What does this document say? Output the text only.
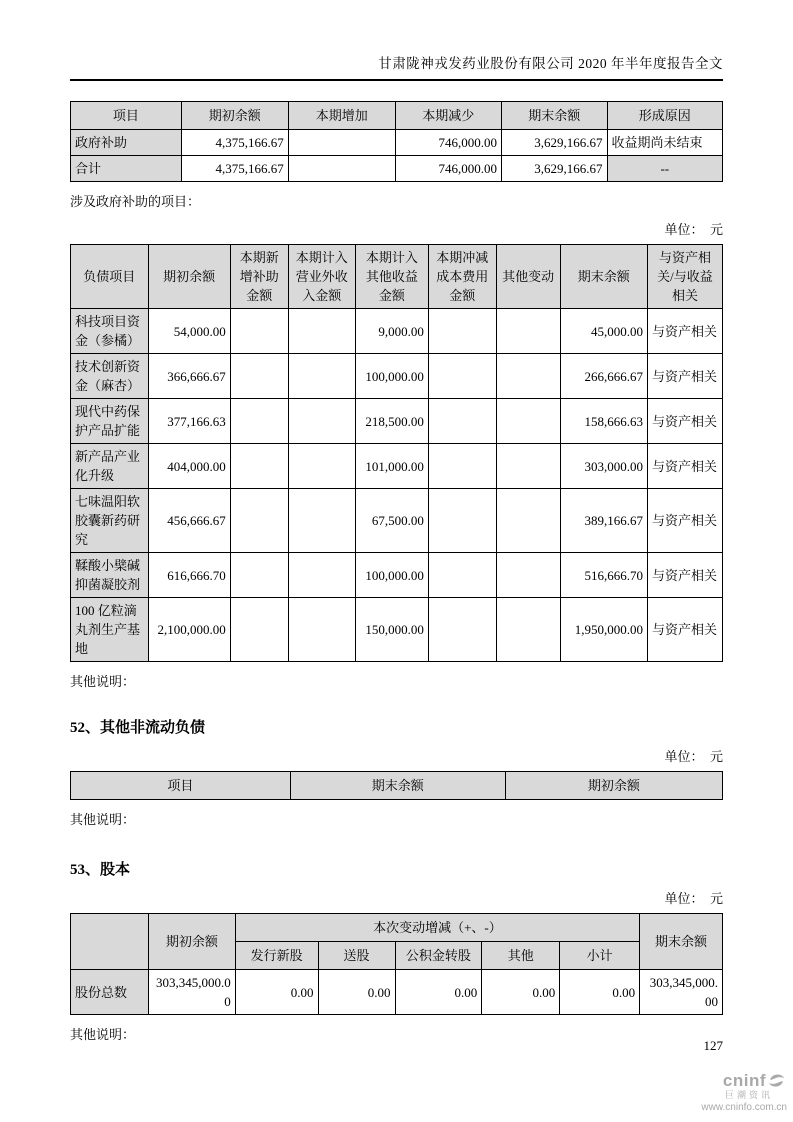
甘肃陇神戎发药业股份有限公司 2020 年半年度报告全文
项目	期初余额	本期增加	本期减少	期末余额	形成原因
政府补助	4,375,166.67		746,000.00	3,629,166.67	收益期尚未结束
合计	4,375,166.67		746,000.00	3,629,166.67	--

涉及政府补助的项目：

单位：　元

负债项目	期初余额	本期新增补助金额	本期计入营业外收入金额	本期计入其他收益金额	本期冲减成本费用金额	其他变动	期末余额	与资产相关/与收益相关
科技项目资金（参橘）	54,000.00			9,000.00			45,000.00	与资产相关
技术创新资金（麻杏）	366,666.67			100,000.00			266,666.67	与资产相关
现代中药保护产品扩能	377,166.63			218,500.00			158,666.63	与资产相关
新产品产业化升级	404,000.00			101,000.00			303,000.00	与资产相关
七味温阳软胶囊新药研究	456,666.67			67,500.00			389,166.67	与资产相关
鞣酸小檗碱抑菌凝胶剂	616,666.70			100,000.00			516,666.70	与资产相关
100 亿粒滴丸剂生产基地	2,100,000.00			150,000.00			1,950,000.00	与资产相关

其他说明：

52、其他非流动负债

单位：　元

项目	期末余额	期初余额

其他说明：

53、股本

单位：　元

	期初余额	本次变动增减（+、-）					期末余额
		发行新股	送股	公积金转股	其他	小计	
股份总数	303,345,000.00	0.00	0.00	0.00	0.00	0.00	303,345,000.00

其他说明：

127
cninf
巨潮资讯
www.cninfo.com.cn
